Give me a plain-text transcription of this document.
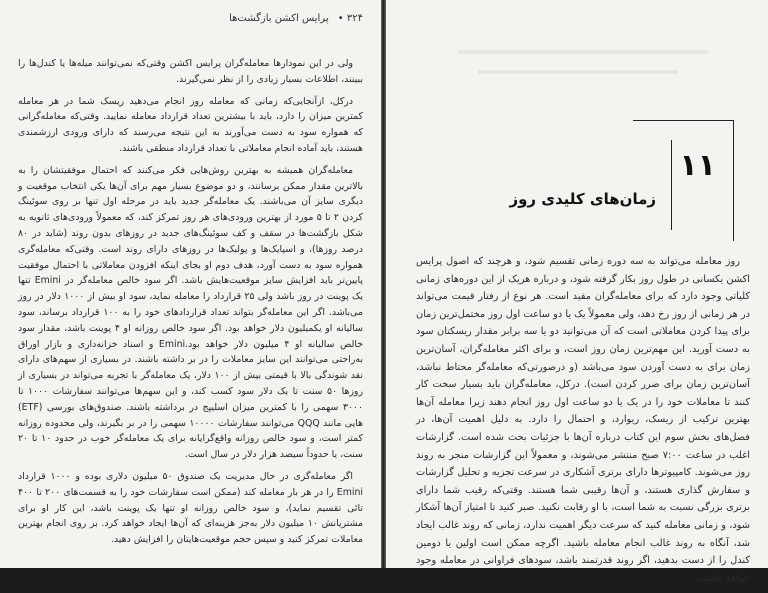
۳۲۴ • پرایس اکشن بازگشت‌ها

ولی در این نمودارها معامله‌گران پرایس اکشن وقتی‌که نمی‌توانند میله‌ها یا کندل‌ها را ببینند، اطلاعات بسیار زیادی را از نظر نمی‌گیرند.

درکل، ازآنجایی‌که زمانی که معامله روز انجام می‌دهید ریسک شما در هر معامله کمترین میزان را دارد، باید با بیشترین تعداد قرارداد معامله نمایید. وقتی‌که معامله‌گرانی که همواره سود به دست می‌آورند به این نتیجه می‌رسند که دارای ورودی ارزشمندی هستند، باید آماده انجام معاملاتی با تعداد قرارداد منطقی باشند.

معامله‌گران همیشه به بهترین روش‌هایی فکر می‌کنند که احتمال موفقیتشان را به بالاترین مقدار ممکن برسانند، و دو موضوع بسیار مهم برای آن‌ها یکی انتخاب موقعیت و دیگری سایز آن می‌باشند. یک معامله‌گر جدید باید در مرحله اول تنها بر روی سوئینگ کردن ۲ تا ۵ مورد از بهترین ورودی‌های هر روز تمرکز کند، که معمولاً ورودی‌های ثانویه به شکل بازگشت‌ها در سقف و کف سوئینگ‌های جدید در روزهای بدون روند (شاید در ۸۰ درصد روزها)، و اسپایک‌ها و پولبک‌ها در روزهای دارای روند است. وقتی‌که معامله‌گری همواره سود به دست آورد، هدف دوم او بجای اینکه افزودن معاملاتی با احتمال موفقیت پایین‌تر باید افزایش سایز موقعیت‌هایش باشد. اگر سود خالص معامله‌گر در Emini تنها یک پوینت در روز باشد ولی ۲۵ قرارداد را معامله نماید، سود او بیش از ۱۰۰۰ دلار در روز می‌باشد. اگر این معامله‌گر بتواند تعداد قراردادهای خود را به ۱۰۰ قرارداد برساند، سود سالیانه او یکمیلیون دلار خواهد بود. اگر سود خالص روزانه او ۴ پوینت باشد، مقدار سود خالص سالیانه او ۴ میلیون دلار خواهد بود.Emini و اسناد خزانه‌داری و بازار اوراق به‌راحتی می‌توانند این سایز معاملات را در بر داشته باشند. در بسیاری از سهم‌های دارای نقد شوندگی بالا با قیمتی بیش از ۱۰۰ دلار، یک معامله‌گر با تجربه می‌تواند در بسیاری از روزها ۵۰ سنت تا یک دلار سود کسب کند، و این سهم‌ها می‌توانند سفارشات ۱۰۰۰ تا ۳۰۰۰ سهمی را با کمترین میزان اسلیپج در برداشته باشند. صندوق‌های بورسی (ETF) هایی مانند QQQ می‌توانند سفارشات ۱۰۰۰۰ سهمی را در بر بگیرند، ولی محدوده روزانه کمتر است، و سود خالص روزانه واقع‌گرایانه برای یک معامله‌گر خوب در حدود ۱۰ تا ۲۰ سنت، یا حدوداً سیصد هزار دلار در سال است.

اگر معامله‌گری در حال مدیریت یک صندوق ۵۰ میلیون دلاری بوده و ۱۰۰۰ قرارداد Emini را در هر بار معامله کند (ممکن است سفارشات خود را به قسمت‌های ۲۰۰ تا ۴۰۰ تائی تقسیم نماید)، و سود خالص روزانه او تنها یک پوینت باشد، این کار او برای مشتریانش ۱۰ میلیون دلار به‌جز هزینه‌ای که آن‌ها ایجاد خواهد کرد. بر روی انجام بهترین معاملات تمرکز کنید و سپس حجم موقعیت‌هایتان را افزایش دهید.

۱۱
زمان‌های کلیدی روز

روز معامله می‌تواند به سه دوره زمانی تقسیم شود، و هرچند که اصول پرایس اکشن یکسانی در طول روز بکار گرفته شود، و درباره هریک از این دوره‌های زمانی کلیاتی وجود دارد که برای معامله‌گران مفید است. هر نوع از رفتار قیمت می‌تواند در هر زمانی از روز رخ دهد، ولی معمولاً یک یا دو ساعت اول روز مختمل‌ترین زمان برای پیدا کردن معاملاتی است که آن می‌توانید دو یا سه برابر مقدار ریسکتان سود به دست آورید. این مهم‌ترین زمان روز است، و برای اکثر معامله‌گران، آسان‌ترین زمان برای به دست آوردن سود می‌باشد (و درصورتی‌که معامله‌گر محتاط نباشد، آسان‌ترین زمان برای ضرر کردن است). درکل، معامله‌گران باید بسیار سخت کار کنند تا معاملات خود را در یک یا دو ساعت اول روز انجام دهند زیرا معامله آن‌ها بهترین ترکیب از ریسک، ریوارد، و احتمال را دارد. به دلیل اهمیت آن‌ها، در فصل‌های بخش سوم این کتاب درباره آن‌ها با جزئیات بحث شده است. گزارشات اغلب در ساعت ۷:۰۰ صبح منتشر می‌شوند، و معمولاً این گزارشات منجر به روند روز می‌شوند. کامپیوترها دارای برتری آشکاری در سرعت تجزیه و تحلیل گزارشات و سفارش گذاری هستند، و آن‌ها رقیبی شما هستند. وقتی‌که رقیب شما دارای برتری بزرگی نسبت به شما است، با او رقابت نکنید. صبر کنید تا امتیاز آن‌ها آشکار شود، و زمانی معامله کنید که سرعت دیگر اهمیت ندارد، زمانی که روند غالب ایجاد شد، آنگاه به روند غالب انجام معامله باشید. اگرچه ممکن است اولین یا دومین کندل را از دست بدهید، اگر روند قدرتمند باشد، سودهای فراوانی در معامله وجود خواهد داشت.
